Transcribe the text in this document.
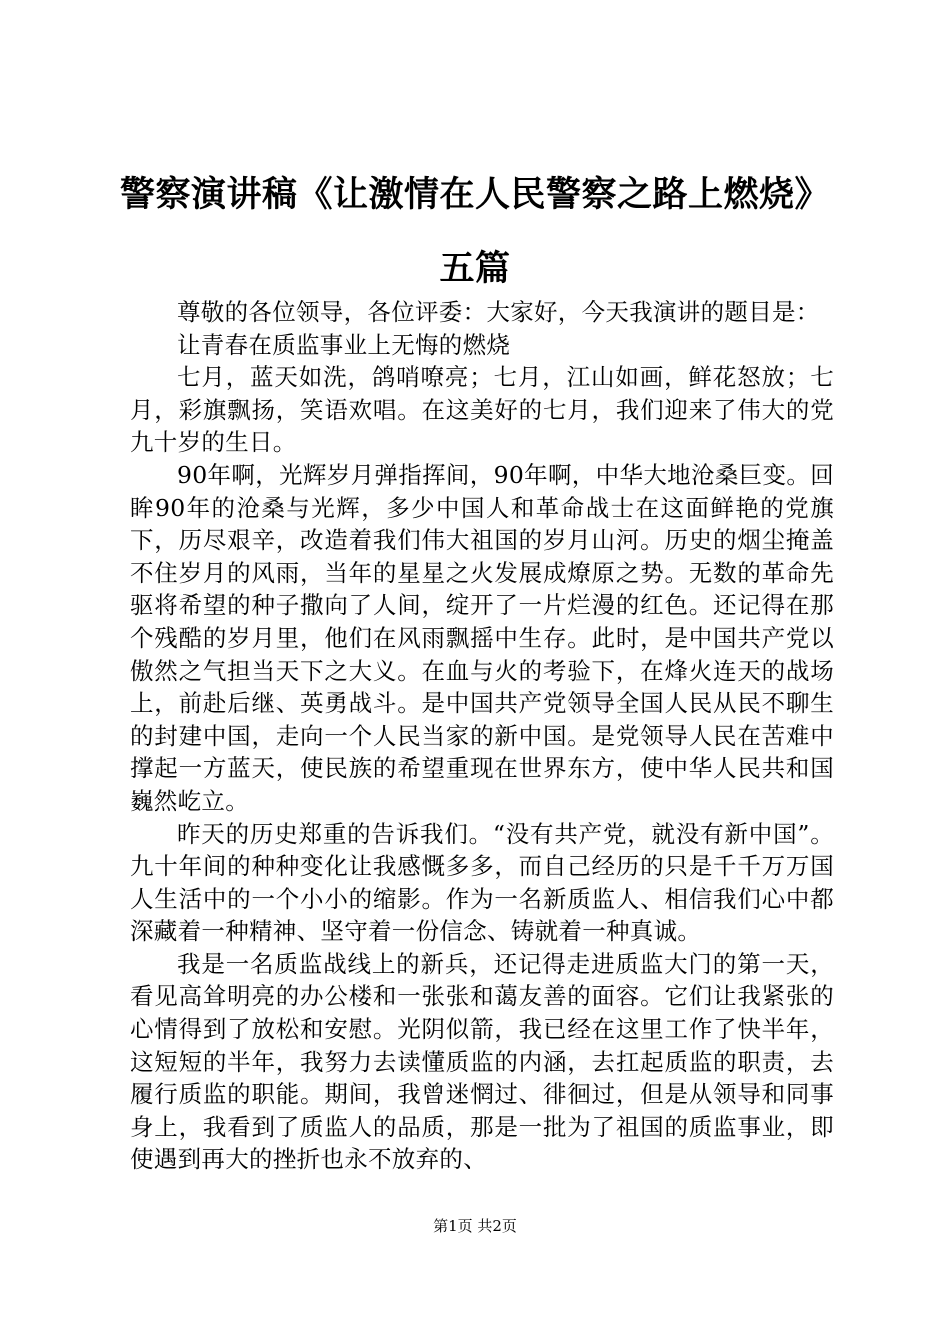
警察演讲稿《让激情在人民警察之路上燃烧》
五篇

尊敬的各位领导，各位评委：大家好，今天我演讲的题目是：

让青春在质监事业上无悔的燃烧

七月，蓝天如洗，鸽哨嘹亮；七月，江山如画，鲜花怒放；七月，彩旗飘扬，笑语欢唱。在这美好的七月，我们迎来了伟大的党九十岁的生日。

90年啊，光辉岁月弹指挥间，90年啊，中华大地沧桑巨变。回眸90年的沧桑与光辉，多少中国人和革命战士在这面鲜艳的党旗下，历尽艰辛，改造着我们伟大祖国的岁月山河。历史的烟尘掩盖不住岁月的风雨，当年的星星之火发展成燎原之势。无数的革命先驱将希望的种子撒向了人间，绽开了一片烂漫的红色。还记得在那个残酷的岁月里，他们在风雨飘摇中生存。此时，是中国共产党以傲然之气担当天下之大义。在血与火的考验下，在烽火连天的战场上，前赴后继、英勇战斗。是中国共产党领导全国人民从民不聊生的封建中国，走向一个人民当家的新中国。是党领导人民在苦难中撑起一方蓝天，使民族的希望重现在世界东方，使中华人民共和国巍然屹立。

昨天的历史郑重的告诉我们。“没有共产党，就没有新中国”。九十年间的种种变化让我感慨多多，而自己经历的只是千千万万国人生活中的一个小小的缩影。作为一名新质监人、相信我们心中都深藏着一种精神、坚守着一份信念、铸就着一种真诚。

我是一名质监战线上的新兵，还记得走进质监大门的第一天，看见高耸明亮的办公楼和一张张和蔼友善的面容。它们让我紧张的心情得到了放松和安慰。光阴似箭，我已经在这里工作了快半年，这短短的半年，我努力去读懂质监的内涵，去扛起质监的职责，去履行质监的职能。期间，我曾迷惘过、徘徊过，但是从领导和同事身上，我看到了质监人的品质，那是一批为了祖国的质监事业，即使遇到再大的挫折也永不放弃的、

第1页 共2页
